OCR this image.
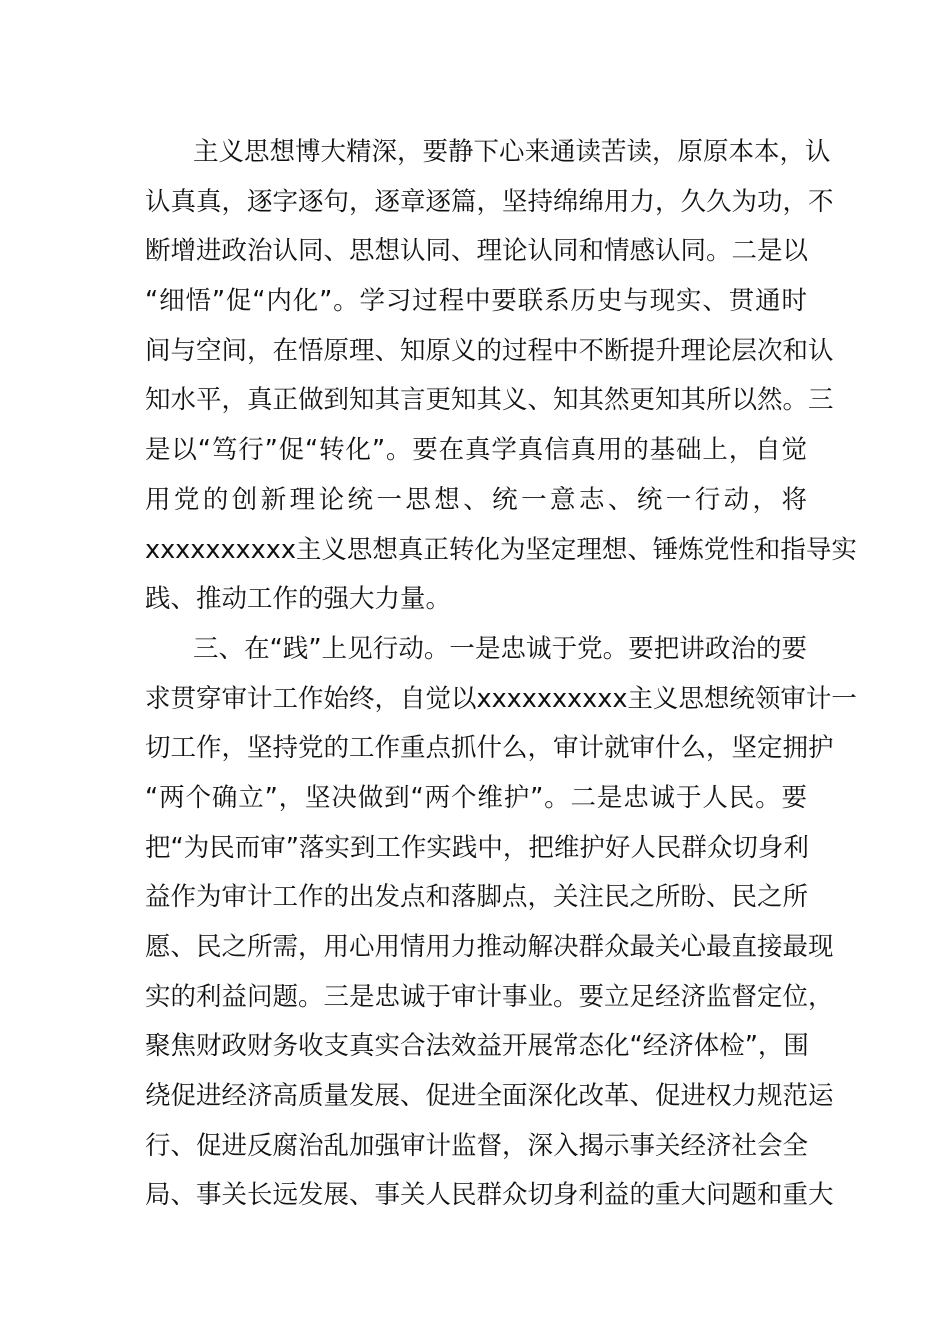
主义思想博大精深，要静下心来通读苦读，原原本本，认
认真真，逐字逐句，逐章逐篇，坚持绵绵用力，久久为功，不
断增进政治认同、思想认同、理论认同和情感认同。二是以
“细悟”促“内化”。学习过程中要联系历史与现实、贯通时
间与空间，在悟原理、知原义的过程中不断提升理论层次和认
知水平，真正做到知其言更知其义、知其然更知其所以然。三
是以“笃行”促“转化”。要在真学真信真用的基础上，自觉
用党的创新理论统一思想、统一意志、统一行动，将
xxxxxxxxxx主义思想真正转化为坚定理想、锤炼党性和指导实
践、推动工作的强大力量。
三、在“践”上见行动。一是忠诚于党。要把讲政治的要
求贯穿审计工作始终，自觉以xxxxxxxxxx主义思想统领审计一
切工作，坚持党的工作重点抓什么，审计就审什么，坚定拥护
“两个确立”，坚决做到“两个维护”。二是忠诚于人民。要
把“为民而审”落实到工作实践中，把维护好人民群众切身利
益作为审计工作的出发点和落脚点，关注民之所盼、民之所
愿、民之所需，用心用情用力推动解决群众最关心最直接最现
实的利益问题。三是忠诚于审计事业。要立足经济监督定位，
聚焦财政财务收支真实合法效益开展常态化“经济体检”，围
绕促进经济高质量发展、促进全面深化改革、促进权力规范运
行、促进反腐治乱加强审计监督，深入揭示事关经济社会全
局、事关长远发展、事关人民群众切身利益的重大问题和重大
